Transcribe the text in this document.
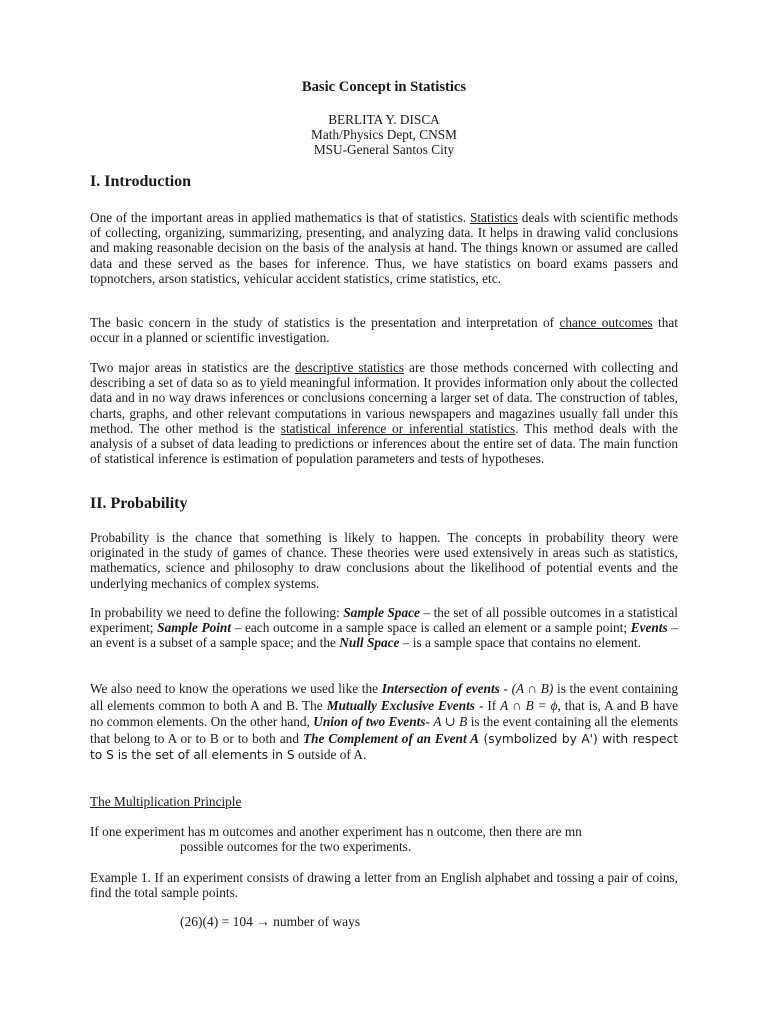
Basic Concept in Statistics
BERLITA Y. DISCA
Math/Physics Dept, CNSM
MSU-General Santos City
I. Introduction

One of the important areas in applied mathematics is that of statistics. Statistics deals with scientific methods of collecting, organizing, summarizing, presenting, and analyzing data. It helps in drawing valid conclusions and making reasonable decision on the basis of the analysis at hand. The things known or assumed are called data and these served as the bases for inference. Thus, we have statistics on board exams passers and topnotchers, arson statistics, vehicular accident statistics, crime statistics, etc.

The basic concern in the study of statistics is the presentation and interpretation of chance outcomes that occur in a planned or scientific investigation.

Two major areas in statistics are the descriptive statistics are those methods concerned with collecting and describing a set of data so as to yield meaningful information. It provides information only about the collected data and in no way draws inferences or conclusions concerning a larger set of data. The construction of tables, charts, graphs, and other relevant computations in various newspapers and magazines usually fall under this method. The other method is the statistical inference or inferential statistics. This method deals with the analysis of a subset of data leading to predictions or inferences about the entire set of data. The main function of statistical inference is estimation of population parameters and tests of hypotheses.

II. Probability

Probability is the chance that something is likely to happen. The concepts in probability theory were originated in the study of games of chance. These theories were used extensively in areas such as statistics, mathematics, science and philosophy to draw conclusions about the likelihood of potential events and the underlying mechanics of complex systems.

In probability we need to define the following: Sample Space – the set of all possible outcomes in a statistical experiment; Sample Point – each outcome in a sample space is called an element or a sample point; Events – an event is a subset of a sample space; and the Null Space – is a sample space that contains no element.

We also need to know the operations we used like the Intersection of events - (A ∩ B) is the event containing all elements common to both A and B. The Mutually Exclusive Events - If A ∩ B = ϕ, that is, A and B have no common elements. On the other hand, Union of two Events- A ∪ B is the event containing all the elements that belong to A or to B or to both and The Complement of an Event A (symbolized by A') with respect to S is the set of all elements in S outside of A.

The Multiplication Principle

If one experiment has m outcomes and another experiment has n outcome, then there are mn
possible outcomes for the two experiments.

Example 1. If an experiment consists of drawing a letter from an English alphabet and tossing a pair of coins, find the total sample points.

(26)(4) = 104 → number of ways
